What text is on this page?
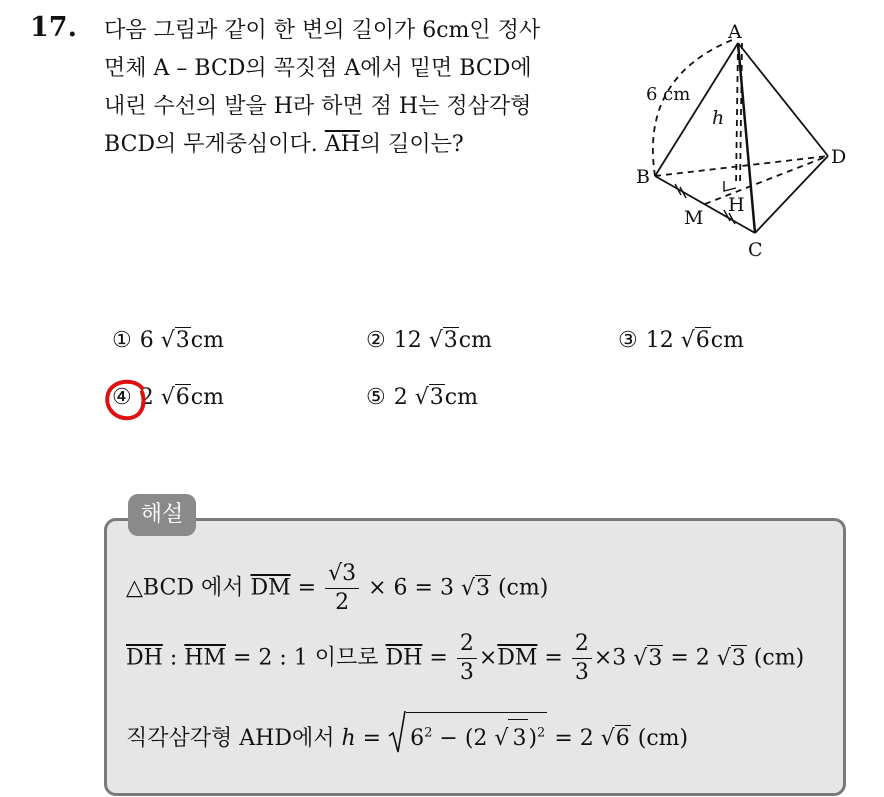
17. 다음 그림과 같이 한 변의 길이가 6cm인 정사
면체 A – BCD의 꼭짓점 A에서 밑면 BCD에
내린 수선의 발을 H라 하면 점 H는 정삼각형
BCD의 무게중심이다. $\overline{AH}$의 길이는?
A
B
C
D
H
M
h
6 cm
① 6 √3cm	② 12 √3cm	③ 12 √6cm
④ 2 √6cm	⑤ 2 √3cm
해설
△BCD 에서 $\overline{DM} = \frac{√3}{2} \times 6 = 3$ √3 (cm)
$\overline{DH}$ : $\overline{HM} = 2$ : 1 이므로 $\overline{DH} = \frac{2}{3} \times\overline{DM} = \frac{2}{3} \times 3$ √3 = 2 √3 (cm)
직각삼각형 AHD에서 $h = 6^2 - (2$ √ 3)$^2$ = 2 √6 (cm)
